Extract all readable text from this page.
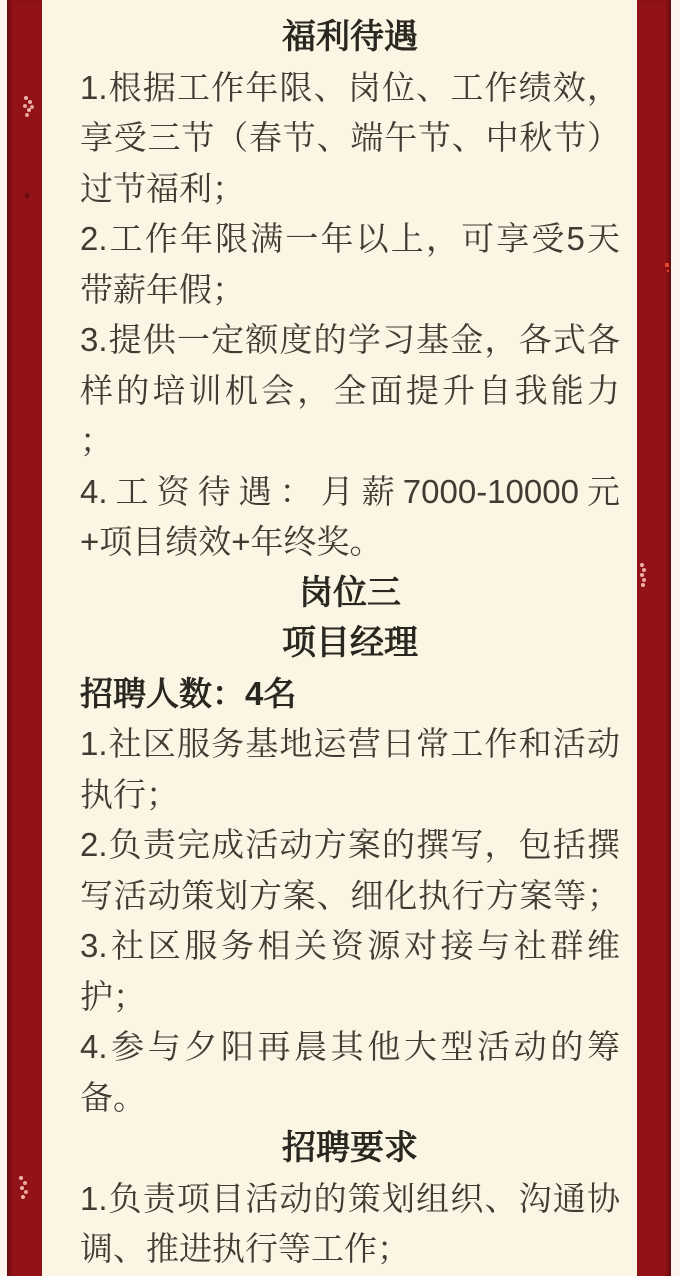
福利待遇
1.根据工作年限、岗位、工作绩效，
享受三节（春节、端午节、中秋节）
过节福利；
2.工作年限满一年以上，可享受5天
带薪年假；
3.提供一定额度的学习基金，各式各
样的培训机会，全面提升自我能力
；
4.工资待遇：月薪7000-10000元
+项目绩效+年终奖。
岗位三
项目经理
招聘人数：4名
1.社区服务基地运营日常工作和活动
执行；
2.负责完成活动方案的撰写，包括撰
写活动策划方案、细化执行方案等；
3.社区服务相关资源对接与社群维
护；
4.参与夕阳再晨其他大型活动的筹
备。
招聘要求
1.负责项目活动的策划组织、沟通协
调、推进执行等工作；
